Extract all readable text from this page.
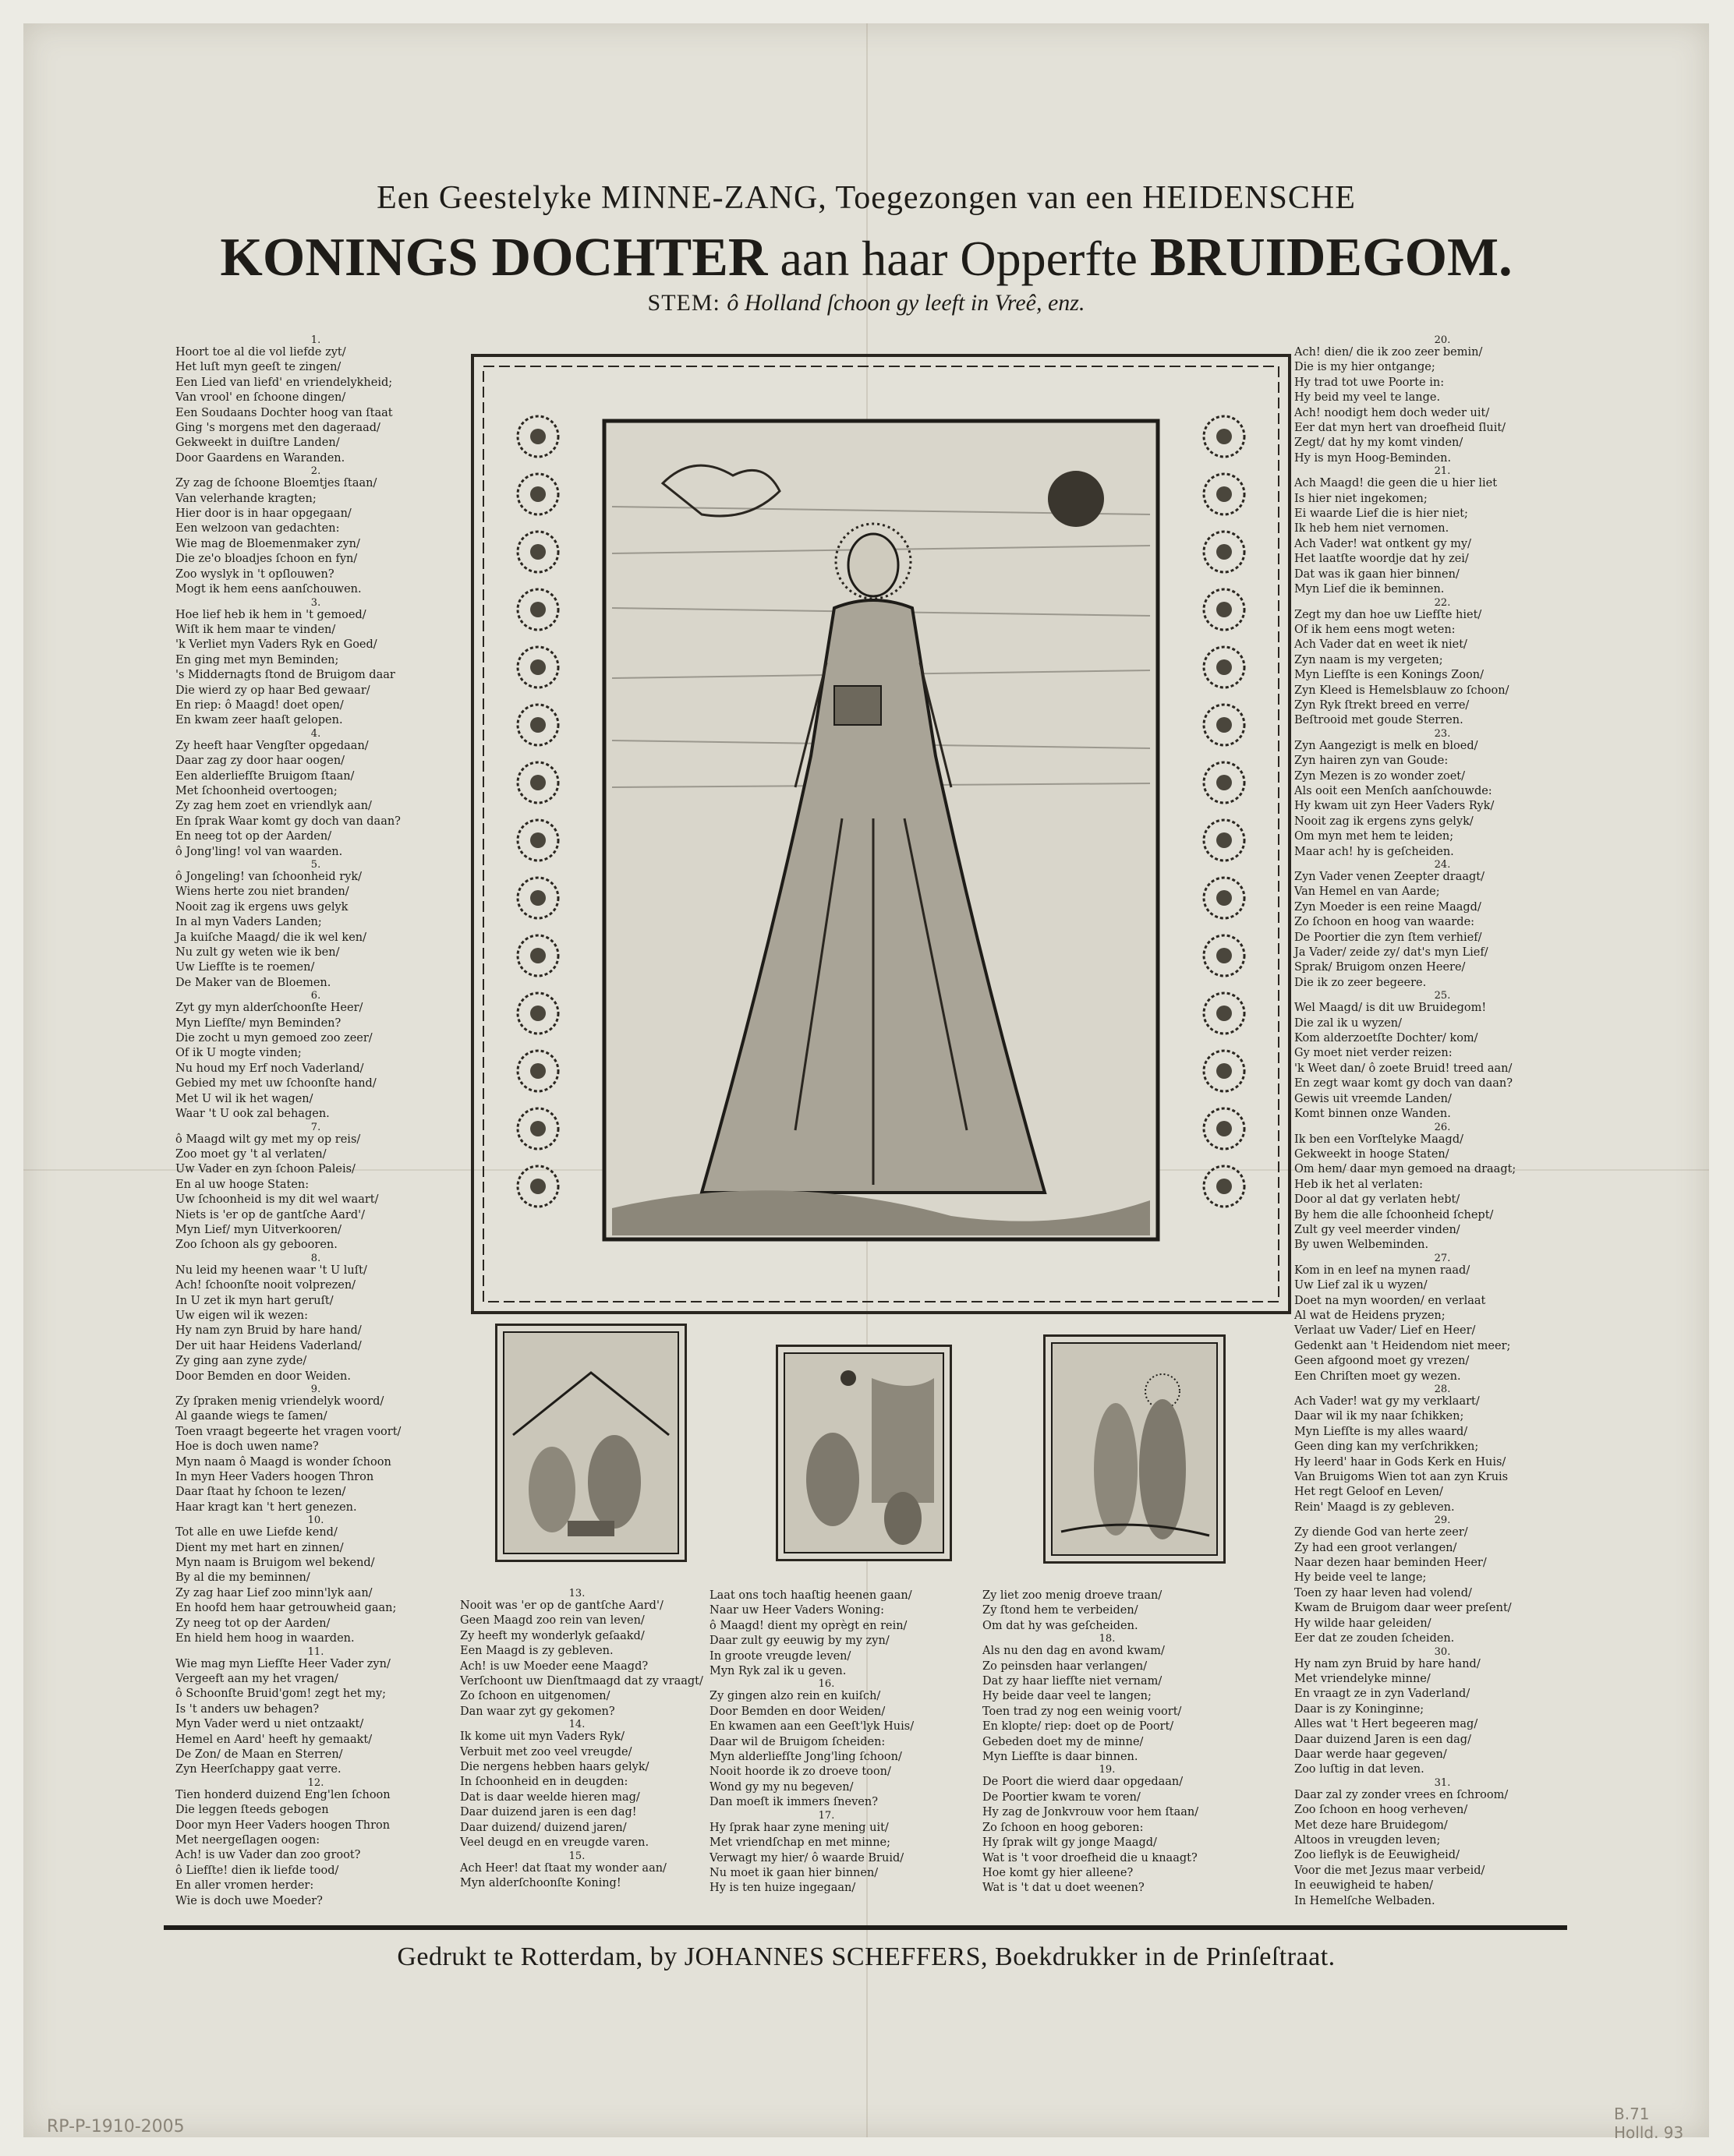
Een Geestelyke MINNE-ZANG, Toegezongen van een HEIDENSCHE
KONINGS DOCHTER aan haar Opperfte BRUIDEGOM.
STEM: ô Holland ſchoon gy leeft in Vreê, enz.
1.
Hoort toe al die vol liefde zyt/
Het luſt myn geeſt te zingen/
Een Lied van liefd' en vriendelykheid;
Van vrool' en ſchoone dingen/
Een Soudaans Dochter hoog van ſtaat
Ging 's morgens met den dageraad/
Gekweekt in duiſtre Landen/
Door Gaardens en Waranden.
2.
Zy zag de ſchoone Bloemtjes ſtaan/
Van velerhande kragten;
Hier door is in haar opgegaan/
Een welzoon van gedachten:
Wie mag de Bloemenmaker zyn/
Die ze'o bloadjes ſchoon en fyn/
Zoo wyslyk in 't opſlouwen?
Mogt ik hem eens aanſchouwen.
3.
Hoe lief heb ik hem in 't gemoed/
Wiſt ik hem maar te vinden/
'k Verliet myn Vaders Ryk en Goed/
En ging met myn Beminden;
's Middernagts ſtond de Bruigom daar
Die wierd zy op haar Bed gewaar/
En riep: ô Maagd! doet open/
En kwam zeer haaſt gelopen.
4.
Zy heeft haar Vengſter opgedaan/
Daar zag zy door haar oogen/
Een alderliefſte Bruigom ſtaan/
Met ſchoonheid overtoogen;
Zy zag hem zoet en vriendlyk aan/
En ſprak Waar komt gy doch van daan?
En neeg tot op der Aarden/
ô Jong'ling! vol van waarden.
5.
ô Jongeling! van ſchoonheid ryk/
Wiens herte zou niet branden/
Nooit zag ik ergens uws gelyk
In al myn Vaders Landen;
Ja kuiſche Maagd/ die ik wel ken/
Nu zult gy weten wie ik ben/
Uw Liefſte is te roemen/
De Maker van de Bloemen.
6.
Zyt gy myn alderſchoonſte Heer/
Myn Liefſte/ myn Beminden?
Die zocht u myn gemoed zoo zeer/
Of ik U mogte vinden;
Nu houd my Erf noch Vaderland/
Gebied my met uw ſchoonſte hand/
Met U wil ik het wagen/
Waar 't U ook zal behagen.
7.
ô Maagd wilt gy met my op reis/
Zoo moet gy 't al verlaten/
Uw Vader en zyn ſchoon Paleis/
En al uw hooge Staten:
Uw ſchoonheid is my dit wel waart/
Niets is 'er op de gantſche Aard'/
Myn Lief/ myn Uitverkooren/
Zoo ſchoon als gy gebooren.
8.
Nu leid my heenen waar 't U luſt/
Ach! ſchoonſte nooit volprezen/
In U zet ik myn hart geruſt/
Uw eigen wil ik wezen:
Hy nam zyn Bruid by hare hand/
Der uit haar Heidens Vaderland/
Zy ging aan zyne zyde/
Door Bemden en door Weiden.
9.
Zy ſpraken menig vriendelyk woord/
Al gaande wiegs te ſamen/
Toen vraagt begeerte het vragen voort/
Hoe is doch uwen name?
Myn naam ô Maagd is wonder ſchoon
In myn Heer Vaders hoogen Thron
Daar ſtaat hy ſchoon te lezen/
Haar kragt kan 't hert genezen.
10.
Tot alle en uwe Liefde kend/
Dient my met hart en zinnen/
Myn naam is Bruigom wel bekend/
By al die my beminnen/
Zy zag haar Lief zoo minn'lyk aan/
En hoofd hem haar getrouwheid gaan;
Zy neeg tot op der Aarden/
En hield hem hoog in waarden.
11.
Wie mag myn Liefſte Heer Vader zyn/
Vergeeft aan my het vragen/
ô Schoonſte Bruid'gom! zegt het my;
Is 't anders uw behagen?
Myn Vader werd u niet ontzaakt/
Hemel en Aard' heeft hy gemaakt/
De Zon/ de Maan en Sterren/
Zyn Heerſchappy gaat verre.
12.
Tien honderd duizend Eng'len ſchoon
Die leggen ſteeds gebogen
Door myn Heer Vaders hoogen Thron
Met neergeſlagen oogen:
Ach! is uw Vader dan zoo groot?
ô Liefſte! dien ik liefde tood/
En aller vromen herder:
Wie is doch uwe Moeder?
20.
Ach! dien/ die ik zoo zeer bemin/
Die is my hier ontgange;
Hy trad tot uwe Poorte in:
Hy beid my veel te lange.
Ach! noodigt hem doch weder uit/
Eer dat myn hert van droefheid ſluit/
Zegt/ dat hy my komt vinden/
Hy is myn Hoog-Beminden.
21.
Ach Maagd! die geen die u hier liet
Is hier niet ingekomen;
Ei waarde Lief die is hier niet;
Ik heb hem niet vernomen.
Ach Vader! wat ontkent gy my/
Het laatſte woordje dat hy zei/
Dat was ik gaan hier binnen/
Myn Lief die ik beminnen.
22.
Zegt my dan hoe uw Liefſte hiet/
Of ik hem eens mogt weten:
Ach Vader dat en weet ik niet/
Zyn naam is my vergeten;
Myn Liefſte is een Konings Zoon/
Zyn Kleed is Hemelsblauw zo ſchoon/
Zyn Ryk ſtrekt breed en verre/
Beſtrooid met goude Sterren.
23.
Zyn Aangezigt is melk en bloed/
Zyn hairen zyn van Goude:
Zyn Mezen is zo wonder zoet/
Als ooit een Menſch aanſchouwde:
Hy kwam uit zyn Heer Vaders Ryk/
Nooit zag ik ergens zyns gelyk/
Om myn met hem te leiden;
Maar ach! hy is geſcheiden.
24.
Zyn Vader venen Zeepter draagt/
Van Hemel en van Aarde;
Zyn Moeder is een reine Maagd/
Zo ſchoon en hoog van waarde:
De Poortier die zyn ſtem verhief/
Ja Vader/ zeide zy/ dat's myn Lief/
Sprak/ Bruigom onzen Heere/
Die ik zo zeer begeere.
25.
Wel Maagd/ is dit uw Bruidegom!
Die zal ik u wyzen/
Kom alderzoetſte Dochter/ kom/
Gy moet niet verder reizen:
'k Weet dan/ ô zoete Bruid! treed aan/
En zegt waar komt gy doch van daan?
Gewis uit vreemde Landen/
Komt binnen onze Wanden.
26.
Ik ben een Vorſtelyke Maagd/
Gekweekt in hooge Staten/
Om hem/ daar myn gemoed na draagt;
Heb ik het al verlaten:
Door al dat gy verlaten hebt/
By hem die alle ſchoonheid ſchept/
Zult gy veel meerder vinden/
By uwen Welbeminden.
27.
Kom in en leef na mynen raad/
Uw Lief zal ik u wyzen/
Doet na myn woorden/ en verlaat
Al wat de Heidens pryzen;
Verlaat uw Vader/ Lief en Heer/
Gedenkt aan 't Heidendom niet meer;
Geen afgoond moet gy vrezen/
Een Chriſten moet gy wezen.
28.
Ach Vader! wat gy my verklaart/
Daar wil ik my naar ſchikken;
Myn Liefſte is my alles waard/
Geen ding kan my verſchrikken;
Hy leerd' haar in Gods Kerk en Huis/
Van Bruigoms Wien tot aan zyn Kruis
Het regt Geloof en Leven/
Rein' Maagd is zy gebleven.
29.
Zy diende God van herte zeer/
Zy had een groot verlangen/
Naar dezen haar beminden Heer/
Hy beide veel te lange;
Toen zy haar leven had volend/
Kwam de Bruigom daar weer preſent/
Hy wilde haar geleiden/
Eer dat ze zouden ſcheiden.
30.
Hy nam zyn Bruid by hare hand/
Met vriendelyke minne/
En vraagt ze in zyn Vaderland/
Daar is zy Koninginne;
Alles wat 't Hert begeeren mag/
Daar duizend Jaren is een dag/
Daar werde haar gegeven/
Zoo luſtig in dat leven.
31.
Daar zal zy zonder vrees en ſchroom/
Zoo ſchoon en hoog verheven/
Met deze hare Bruidegom/
Altoos in vreugden leven;
Zoo lieflyk is de Eeuwigheid/
Voor die met Jezus maar verbeid/
In eeuwigheid te haben/
In Hemelſche Welbaden.
13.
Nooit was 'er op de gantſche Aard'/
Geen Maagd zoo rein van leven/
Zy heeft my wonderlyk geſaakd/
Een Maagd is zy gebleven.
Ach! is uw Moeder eene Maagd?
Verſchoont uw Dienſtmaagd dat zy vraagt/
Zo ſchoon en uitgenomen/
Dan waar zyt gy gekomen?
14.
Ik kome uit myn Vaders Ryk/
Verbuit met zoo veel vreugde/
Die nergens hebben haars gelyk/
In ſchoonheid en in deugden:
Dat is daar weelde hieren mag/
Daar duizend jaren is een dag!
Daar duizend/ duizend jaren/
Veel deugd en en vreugde varen.
15.
Ach Heer! dat ſtaat my wonder aan/
Myn alderſchoonſte Koning!
Laat ons toch haaſtig heenen gaan/
Naar uw Heer Vaders Woning:
ô Maagd! dient my oprègt en rein/
Daar zult gy eeuwig by my zyn/
In groote vreugde leven/
Myn Ryk zal ik u geven.
16.
Zy gingen alzo rein en kuiſch/
Door Bemden en door Weiden/
En kwamen aan een Geeſt'lyk Huis/
Daar wil de Bruigom ſcheiden:
Myn alderliefſte Jong'ling ſchoon/
Nooit hoorde ik zo droeve toon/
Wond gy my nu begeven/
Dan moeſt ik immers ſneven?
17.
Hy ſprak haar zyne mening uit/
Met vriendſchap en met minne;
Verwagt my hier/ ô waarde Bruid/
Nu moet ik gaan hier binnen/
Hy is ten huize ingegaan/
Zy liet zoo menig droeve traan/
Zy ſtond hem te verbeiden/
Om dat hy was geſcheiden.
18.
Als nu den dag en avond kwam/
Zo peinsden haar verlangen/
Dat zy haar liefſte niet vernam/
Hy beide daar veel te langen;
Toen trad zy nog een weinig voort/
En klopte/ riep: doet op de Poort/
Gebeden doet my de minne/
Myn Liefſte is daar binnen.
19.
De Poort die wierd daar opgedaan/
De Poortier kwam te voren/
Hy zag de Jonkvrouw voor hem ſtaan/
Zo ſchoon en hoog geboren:
Hy ſprak wilt gy jonge Maagd/
Wat is 't voor droefheid die u knaagt?
Hoe komt gy hier alleene?
Wat is 't dat u doet weenen?
Gedrukt te Rotterdam, by JOHANNES SCHEFFERS, Boekdrukker in de Prinſeſtraat.
RP-P-1910-2005
B.71
Holld. 93
